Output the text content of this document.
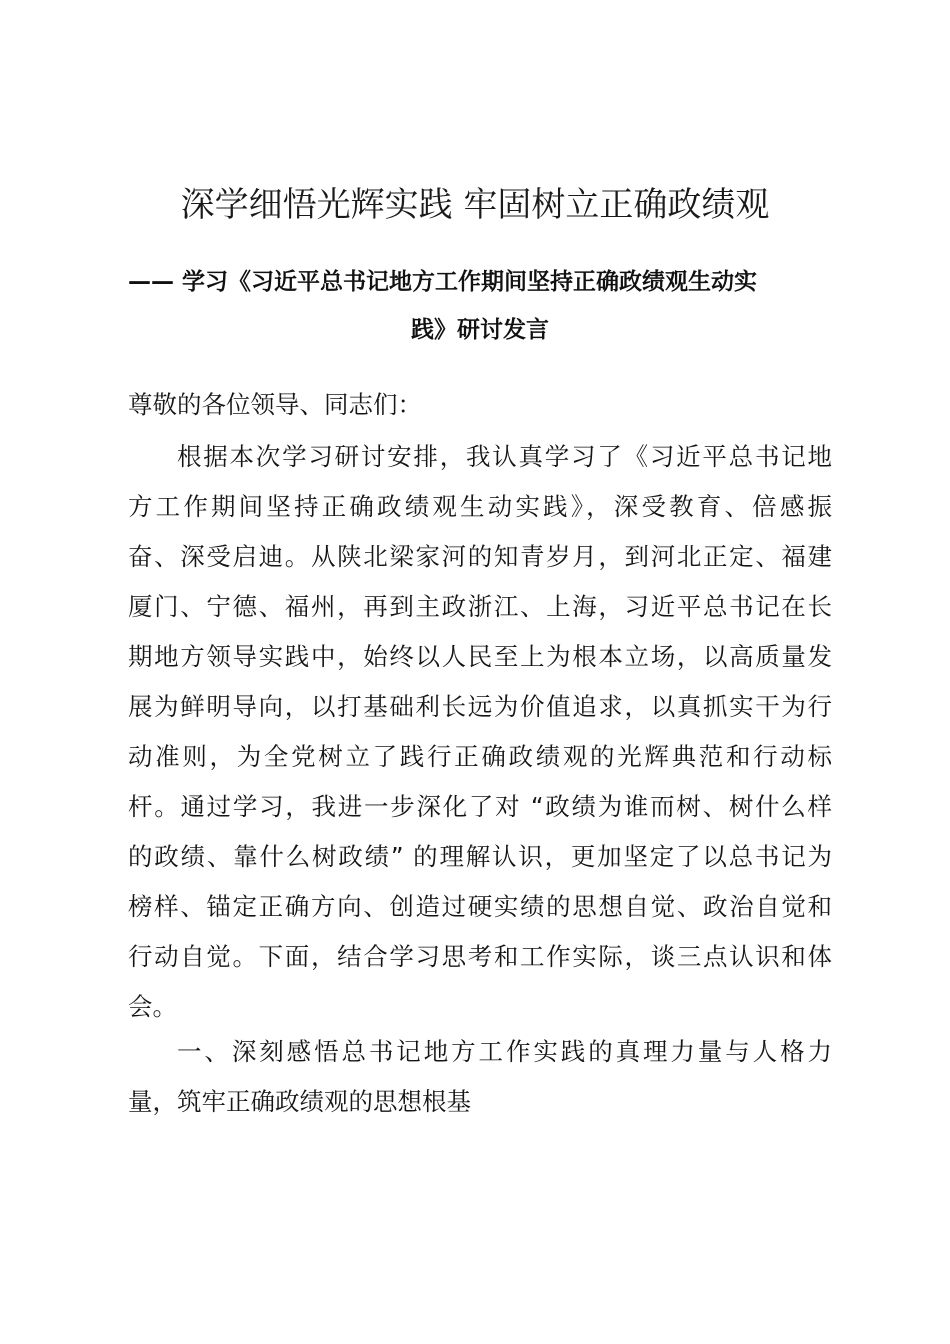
深学细悟光辉实践 牢固树立正确政绩观
—— 学习《习近平总书记地方工作期间坚持正确政绩观生动实
践》研讨发言
尊敬的各位领导、同志们：
根据本次学习研讨安排，我认真学习了《习近平总书记地
方工作期间坚持正确政绩观生动实践》，深受教育、倍感振
奋、深受启迪。从陕北梁家河的知青岁月，到河北正定、福建
厦门、宁德、福州，再到主政浙江、上海，习近平总书记在长
期地方领导实践中，始终以人民至上为根本立场，以高质量发
展为鲜明导向，以打基础利长远为价值追求，以真抓实干为行
动准则，为全党树立了践行正确政绩观的光辉典范和行动标
杆。通过学习，我进一步深化了对 “政绩为谁而树、树什么样
的政绩、靠什么树政绩” 的理解认识，更加坚定了以总书记为
榜样、锚定正确方向、创造过硬实绩的思想自觉、政治自觉和
行动自觉。下面，结合学习思考和工作实际，谈三点认识和体
会。
一、深刻感悟总书记地方工作实践的真理力量与人格力
量，筑牢正确政绩观的思想根基
